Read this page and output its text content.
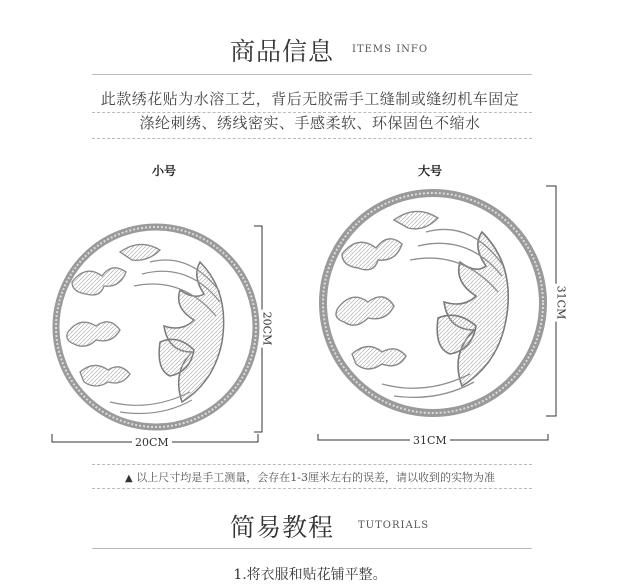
商品信息 ITEMS INFO
此款绣花贴为水溶工艺，背后无胶需手工缝制或缝纫机车固定
涤纶刺绣、绣线密实、手感柔软、环保固色不缩水
小号	大号
20CM
20CM
31CM
31CM
▲ 以上尺寸均是手工测量，会存在1-3厘米左右的误差，请以收到的实物为准
简易教程 TUTORIALS
1.将衣服和贴花铺平整。
